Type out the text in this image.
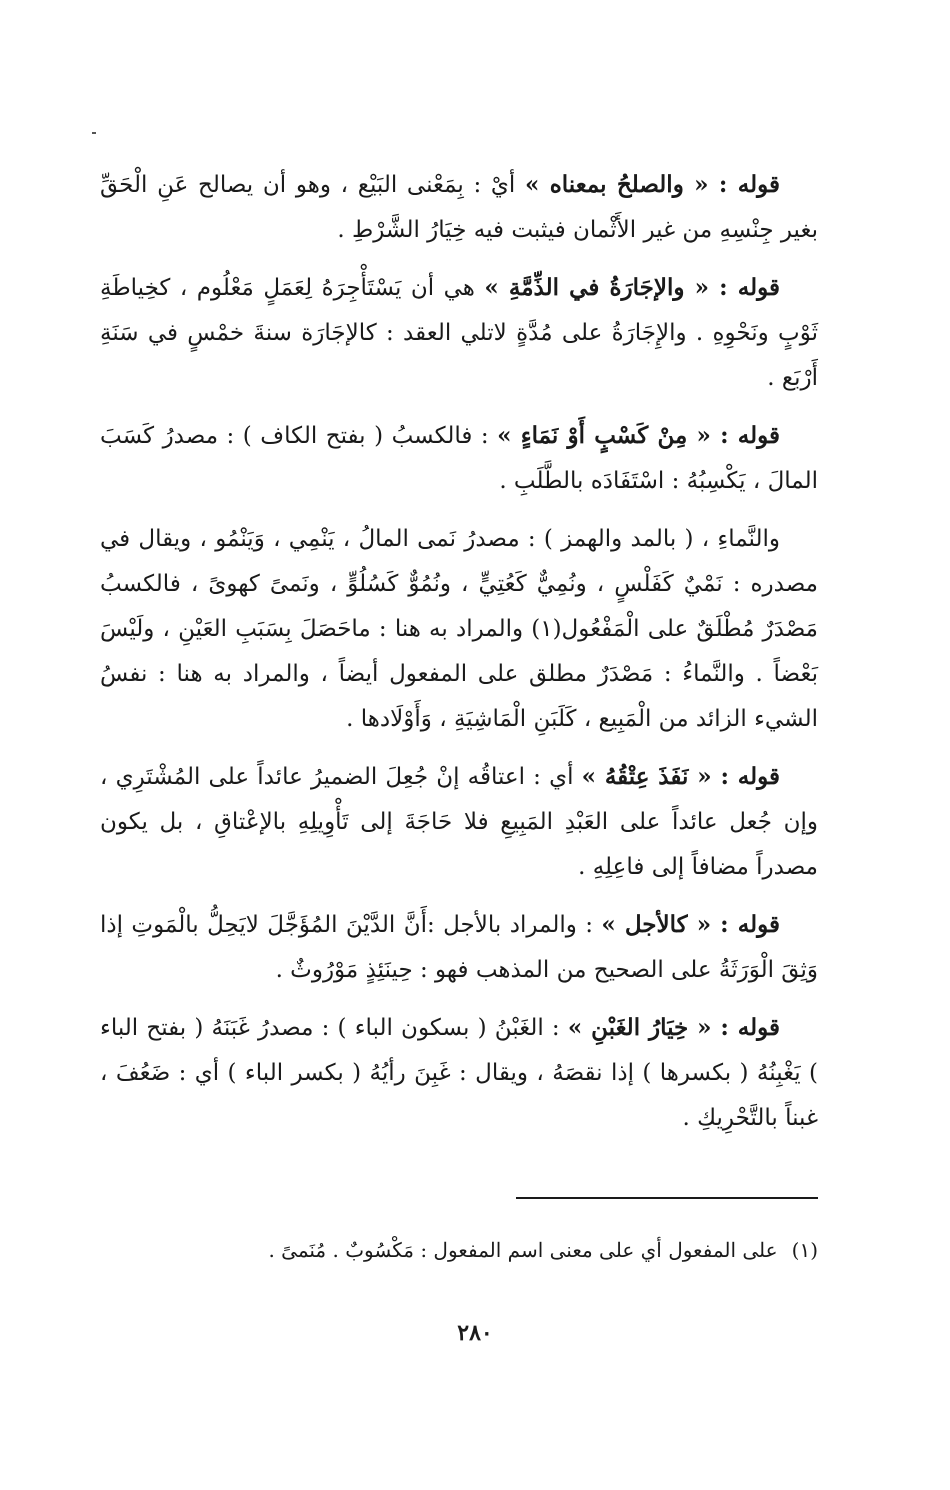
قوله : « والصلحُ بمعناه » أيْ : بِمَعْنى البَيْع ، وهو أن يصالح عَنِ الْحَقِّ بغير جِنْسِهِ من غير الأَثْمان فيثبت فيه خِيَارُ الشَّرْطِ .

قوله : « والإجَارَةُ في الذِّمَّةِ » هي أن يَسْتَأْجِرَهُ لِعَمَلٍ مَعْلُوم ، كخِياطَةِ ثَوْبٍ ونَحْوِهِ . والإِجَارَةُ على مُدَّةٍ لاتلي العقد : كالإجَارَة سنةَ خمْسٍ في سَنَةِ أَرْبَع .

قوله : « مِنْ كَسْبٍ أَوْ نَمَاءٍ » : فالكسبُ ( بفتح الكاف ) : مصدرُ كَسَبَ المالَ ، يَكْسِبُهُ : اسْتَفَادَه بالطَّلَبِ .

والنَّماءِ ، ( بالمد والهمز ) : مصدرُ نَمى المالُ ، يَنْمِي ، وَيَنْمُو ، ويقال في مصدره : نَمْيٌ كَفَلْسٍ ، ونُمِيٌّ كَعُتِيٍّ ، ونُمُوٌّ كَسُلُوٍّ ، ونَمىً كهوىً ، فالكسبُ مَصْدَرٌ مُطْلَقٌ على الْمَفْعُول(١) والمراد به هنا : ماحَصَلَ بِسَبَبِ العَيْنِ ، ولَيْسَ بَعْضاً . والنَّماءُ : مَصْدَرٌ مطلق على المفعول أيضاً ، والمراد به هنا : نفسُ الشيء الزائد من الْمَبِيع ، كَلَبَنِ الْمَاشِيَةِ ، وَأَوْلَادها .

قوله : « نَفَذَ عِتْقُهُ » أي : اعتاقُه إنْ جُعِلَ الضميرُ عائداً على المُشْتَرِي ، وإن جُعل عائداً على العَبْدِ المَبِيعِ فلا حَاجَةَ إلى تَأْوِيلِهِ بالإعْتاقِ ، بل يكون مصدراً مضافاً إلى فاعِلِهِ .

قوله : « كالأجل » : والمراد بالأجل :أَنَّ الدَّيْنَ المُؤَجَّلَ لايَحِلُّ بالْمَوتِ إذا وَثِقَ الْوَرَثَةُ على الصحيح من المذهب فهو : حِينَئِذٍ مَوْرُوثٌ .

قوله : « خِيَارُ الغَبْنِ » : الغَبْنُ ( بسكون الباء ) : مصدرُ غَبَنَهُ ( بفتح الباء ) يَغْبِنُهُ ( بكسرها ) إذا نقصَهُ ، ويقال : غَبِنَ رأيُهُ ( بكسر الباء ) أي : ضَعُفَ ، غبناً بالتَّحْرِيكِ .

(١)على المفعول أي على معنى اسم المفعول : مَكْسُوبٌ . مُنَمىً .
٢٨٠
